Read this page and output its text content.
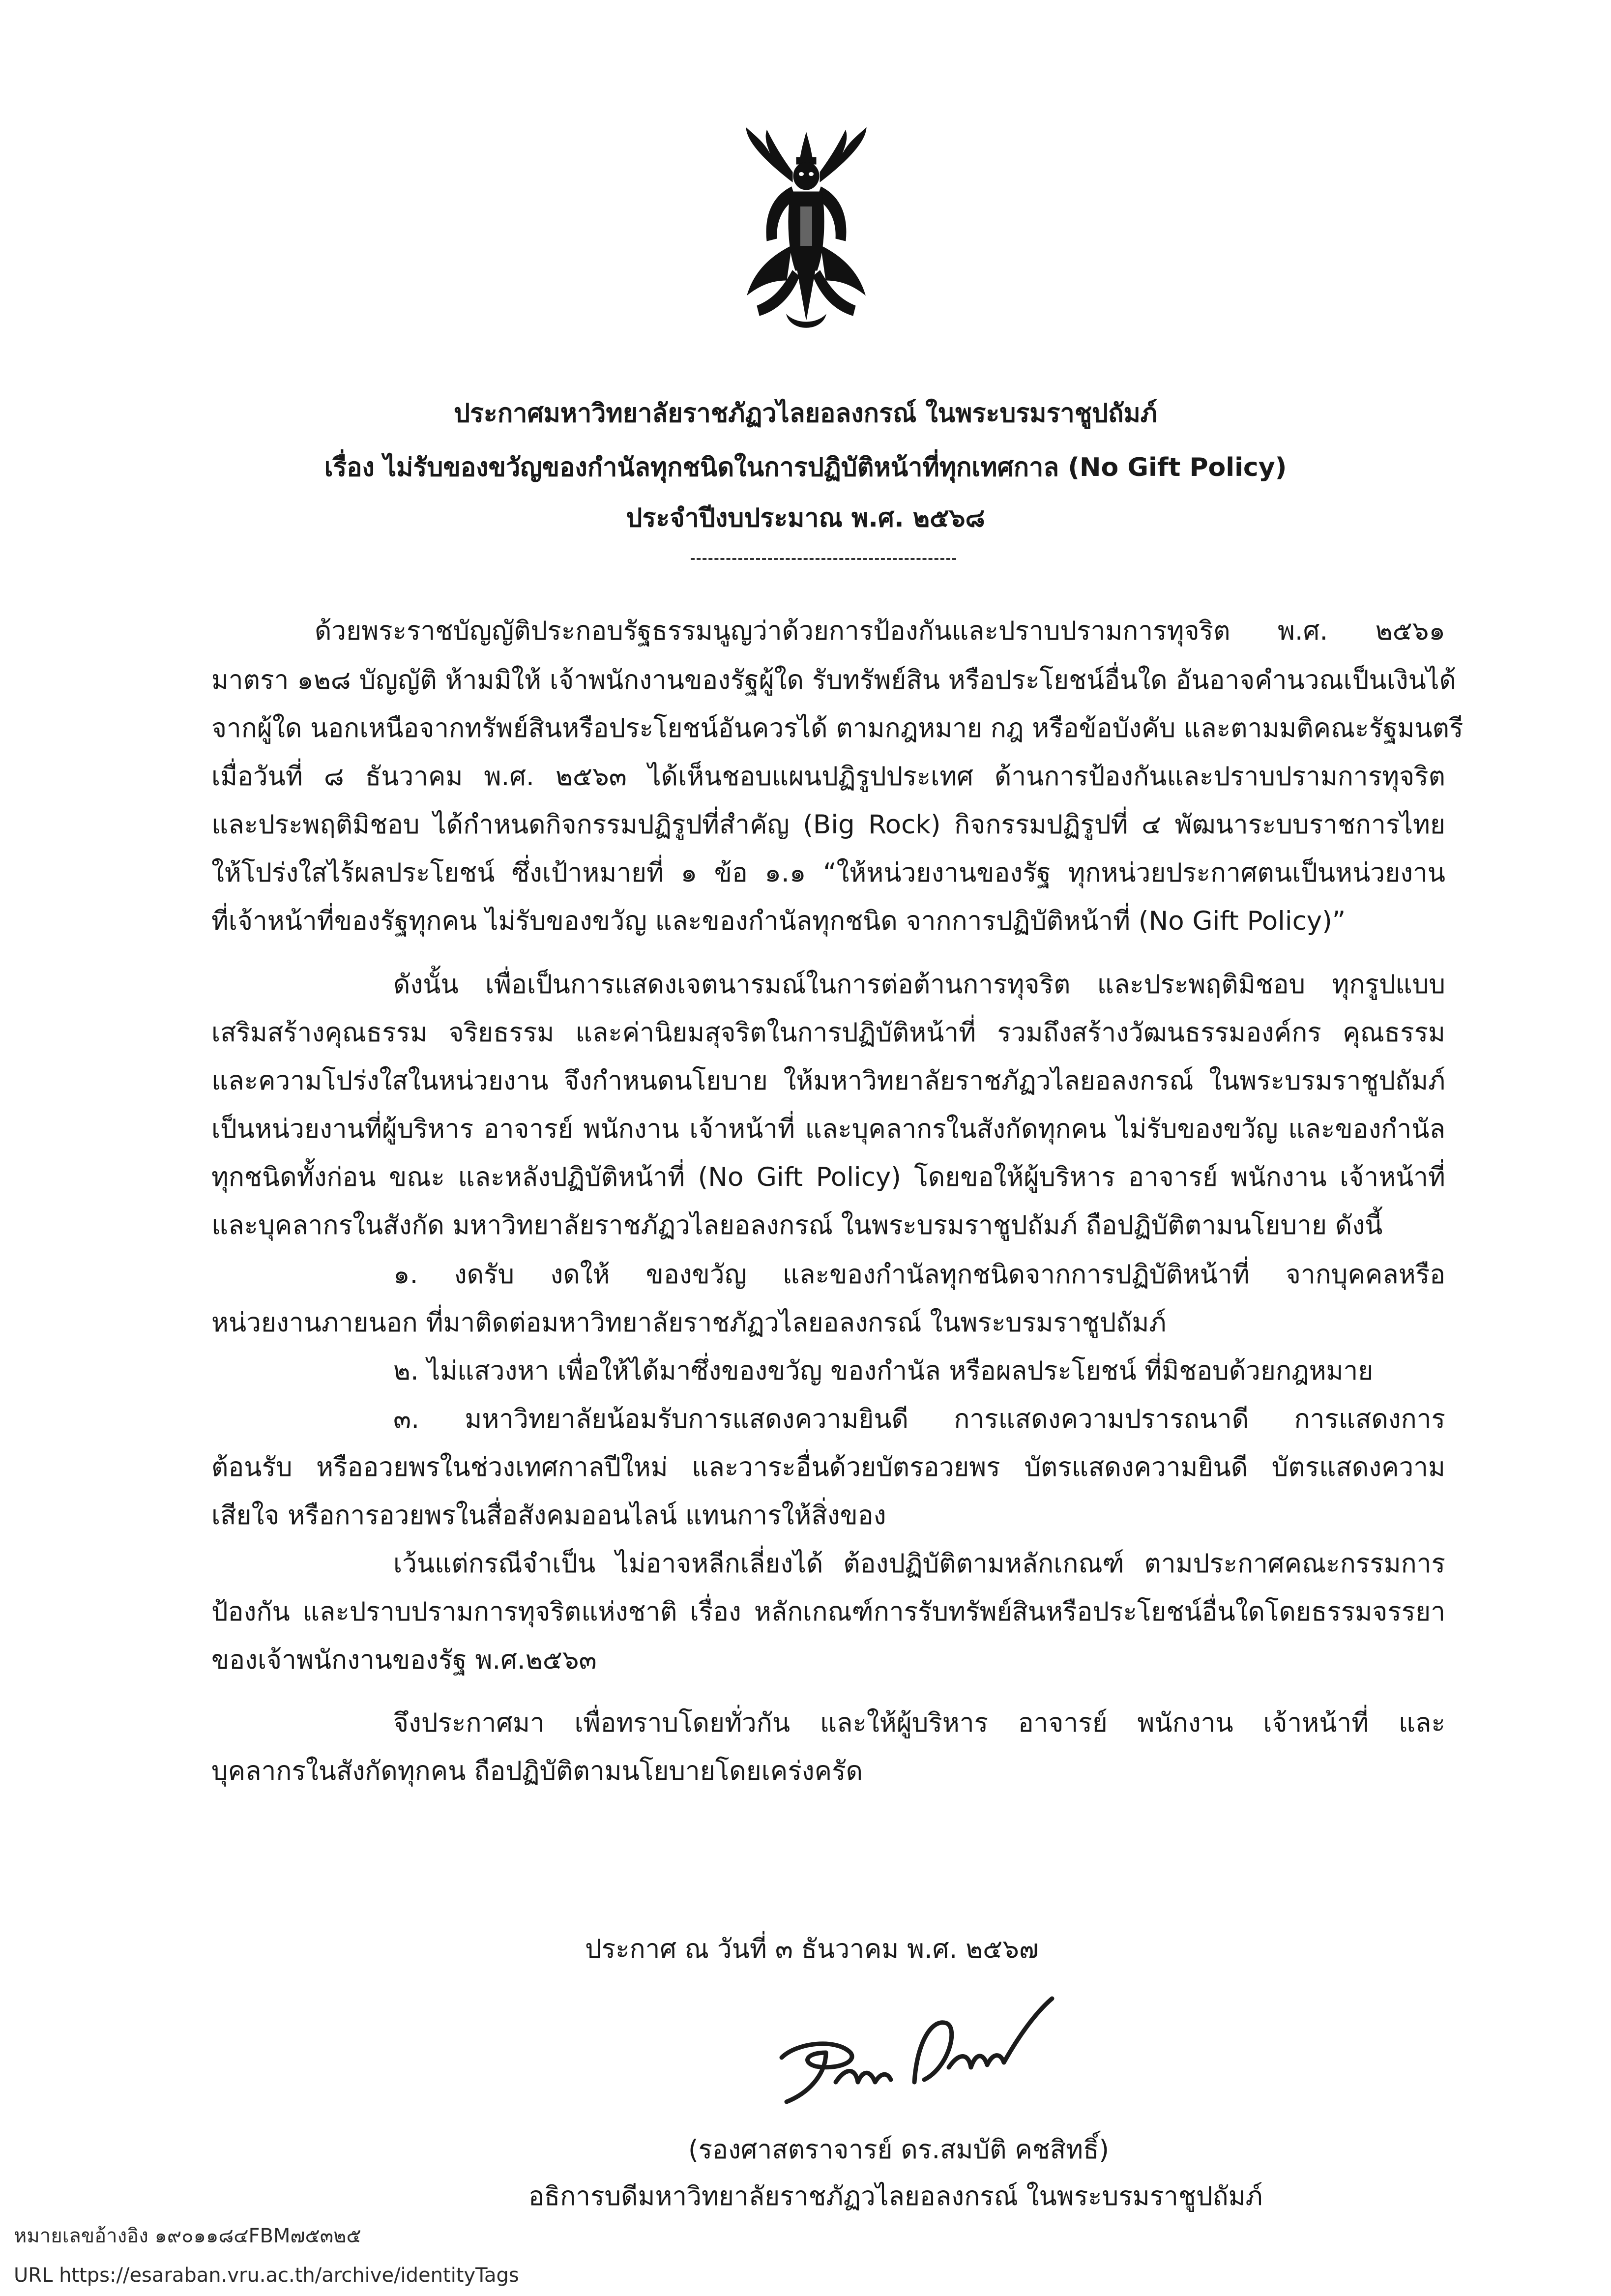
ประกาศมหาวิทยาลัยราชภัฏวไลยอลงกรณ์ ในพระบรมราชูปถัมภ์
เรื่อง ไม่รับของขวัญของกำนัลทุกชนิดในการปฏิบัติหน้าที่ทุกเทศกาล (No Gift Policy)
ประจำปีงบประมาณ พ.ศ. ๒๕๖๘
ด้วยพระราชบัญญัติประกอบรัฐธรรมนูญว่าด้วยการป้องกันและปราบปรามการทุจริต พ.ศ. ๒๕๖๑
มาตรา ๑๒๘ บัญญัติ ห้ามมิให้ เจ้าพนักงานของรัฐผู้ใด รับทรัพย์สิน หรือประโยชน์อื่นใด อันอาจคำนวณเป็นเงินได้
จากผู้ใด นอกเหนือจากทรัพย์สินหรือประโยชน์อันควรได้ ตามกฎหมาย กฎ หรือข้อบังคับ และตามมติคณะรัฐมนตรี
เมื่อวันที่ ๘ ธันวาคม พ.ศ. ๒๕๖๓ ได้เห็นชอบแผนปฏิรูปประเทศ ด้านการป้องกันและปราบปรามการทุจริต
และประพฤติมิชอบ ได้กำหนดกิจกรรมปฏิรูปที่สำคัญ (Big Rock) กิจกรรมปฏิรูปที่ ๔ พัฒนาระบบราชการไทย
ให้โปร่งใสไร้ผลประโยชน์ ซึ่งเป้าหมายที่ ๑ ข้อ ๑.๑ “ให้หน่วยงานของรัฐ ทุกหน่วยประกาศตนเป็นหน่วยงาน
ที่เจ้าหน้าที่ของรัฐทุกคน ไม่รับของขวัญ และของกำนัลทุกชนิด จากการปฏิบัติหน้าที่ (No Gift Policy)”
ดังนั้น เพื่อเป็นการแสดงเจตนารมณ์ในการต่อต้านการทุจริต และประพฤติมิชอบ ทุกรูปแบบ
เสริมสร้างคุณธรรม จริยธรรม และค่านิยมสุจริตในการปฏิบัติหน้าที่ รวมถึงสร้างวัฒนธรรมองค์กร คุณธรรม
และความโปร่งใสในหน่วยงาน จึงกำหนดนโยบาย ให้มหาวิทยาลัยราชภัฏวไลยอลงกรณ์ ในพระบรมราชูปถัมภ์
เป็นหน่วยงานที่ผู้บริหาร อาจารย์ พนักงาน เจ้าหน้าที่ และบุคลากรในสังกัดทุกคน ไม่รับของขวัญ และของกำนัล
ทุกชนิดทั้งก่อน ขณะ และหลังปฏิบัติหน้าที่ (No Gift Policy) โดยขอให้ผู้บริหาร อาจารย์ พนักงาน เจ้าหน้าที่
และบุคลากรในสังกัด มหาวิทยาลัยราชภัฏวไลยอลงกรณ์ ในพระบรมราชูปถัมภ์ ถือปฏิบัติตามนโยบาย ดังนี้
๑. งดรับ งดให้ ของขวัญ และของกำนัลทุกชนิดจากการปฏิบัติหน้าที่ จากบุคคลหรือ
หน่วยงานภายนอก ที่มาติดต่อมหาวิทยาลัยราชภัฏวไลยอลงกรณ์ ในพระบรมราชูปถัมภ์
๒. ไม่แสวงหา เพื่อให้ได้มาซึ่งของขวัญ ของกำนัล หรือผลประโยชน์ ที่มิชอบด้วยกฎหมาย
๓. มหาวิทยาลัยน้อมรับการแสดงความยินดี การแสดงความปรารถนาดี การแสดงการ
ต้อนรับ หรืออวยพรในช่วงเทศกาลปีใหม่ และวาระอื่นด้วยบัตรอวยพร บัตรแสดงความยินดี บัตรแสดงความ
เสียใจ หรือการอวยพรในสื่อสังคมออนไลน์ แทนการให้สิ่งของ
เว้นแต่กรณีจำเป็น ไม่อาจหลีกเลี่ยงได้ ต้องปฏิบัติตามหลักเกณฑ์ ตามประกาศคณะกรรมการ
ป้องกัน และปราบปรามการทุจริตแห่งชาติ เรื่อง หลักเกณฑ์การรับทรัพย์สินหรือประโยชน์อื่นใดโดยธรรมจรรยา
ของเจ้าพนักงานของรัฐ พ.ศ.๒๕๖๓
จึงประกาศมา เพื่อทราบโดยทั่วกัน และให้ผู้บริหาร อาจารย์ พนักงาน เจ้าหน้าที่ และ
บุคลากรในสังกัดทุกคน ถือปฏิบัติตามนโยบายโดยเคร่งครัด
ประกาศ ณ วันที่ ๓ ธันวาคม พ.ศ. ๒๕๖๗
(รองศาสตราจารย์ ดร.สมบัติ คชสิทธิ์)
อธิการบดีมหาวิทยาลัยราชภัฏวไลยอลงกรณ์ ในพระบรมราชูปถัมภ์
หมายเลขอ้างอิง ๑๙๐๑๑๘๔FBM๗๕๓๒๕
URL https://esaraban.vru.ac.th/archive/identityTags
